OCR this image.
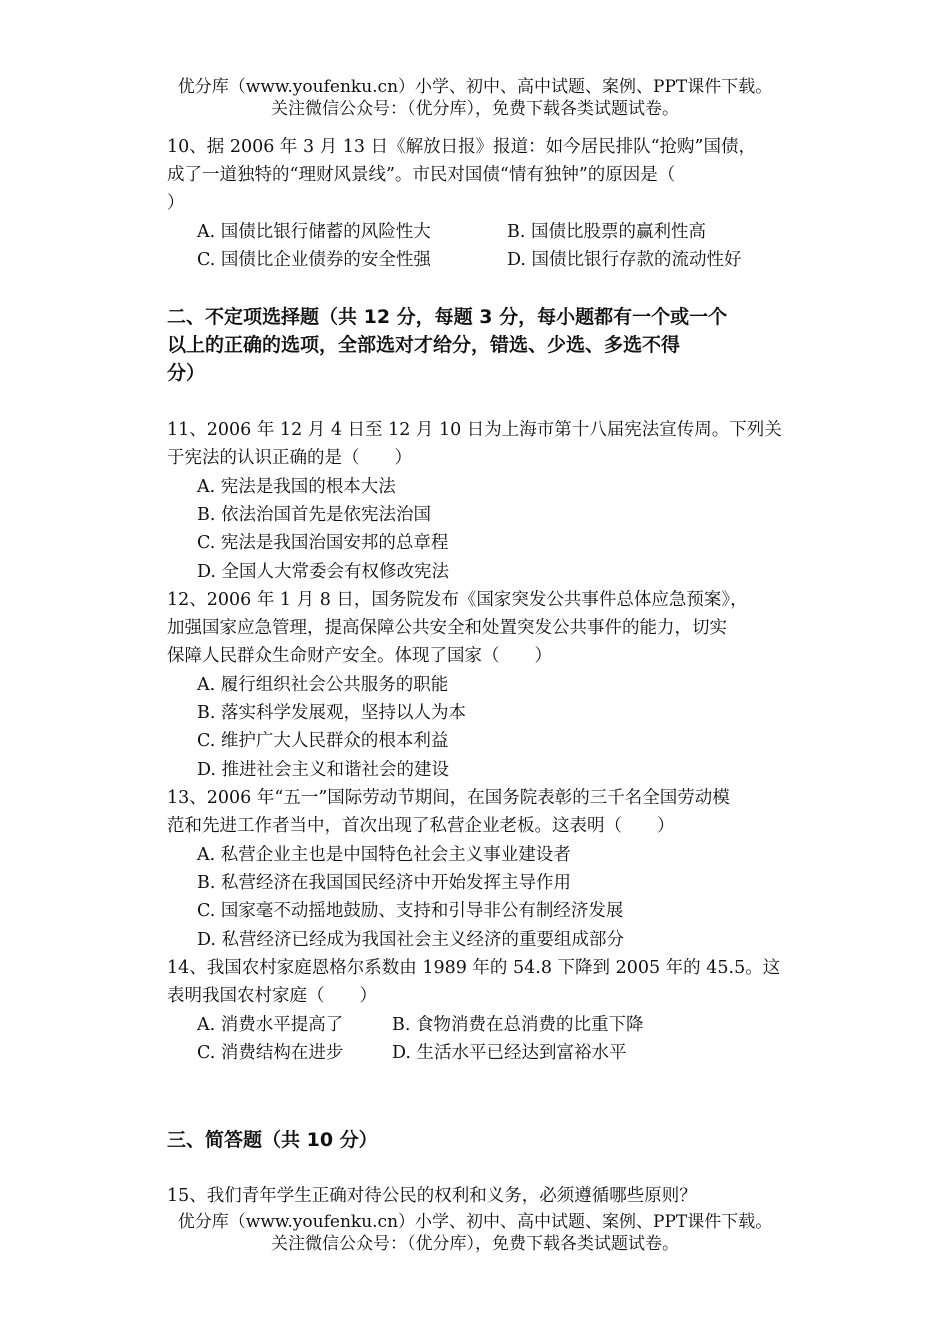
优分库（www.youfenku.cn）小学、初中、高中试题、案例、PPT课件下载。
关注微信公众号：（优分库），免费下载各类试题试卷。
10、据 2006 年 3 月 13 日《解放日报》报道：如今居民排队“抢购”国债，
成了一道独特的“理财风景线”。市民对国债“情有独钟”的原因是（
）
A. 国债比银行储蓄的风险性大	B. 国债比股票的赢利性高
C. 国债比企业债券的安全性强	D. 国债比银行存款的流动性好
二、不定项选择题（共 12 分，每题 3 分，每小题都有一个或一个
以上的正确的选项，全部选对才给分，错选、少选、多选不得
分）
11、2006 年 12 月 4 日至 12 月 10 日为上海市第十八届宪法宣传周。下列关
于宪法的认识正确的是（　　）
A. 宪法是我国的根本大法
B. 依法治国首先是依宪法治国
C. 宪法是我国治国安邦的总章程
D. 全国人大常委会有权修改宪法
12、2006 年 1 月 8 日，国务院发布《国家突发公共事件总体应急预案》，
加强国家应急管理，提高保障公共安全和处置突发公共事件的能力，切实
保障人民群众生命财产安全。体现了国家（　　）
A. 履行组织社会公共服务的职能
B. 落实科学发展观，坚持以人为本
C. 维护广大人民群众的根本利益
D. 推进社会主义和谐社会的建设
13、2006 年“五一”国际劳动节期间，在国务院表彰的三千名全国劳动模
范和先进工作者当中，首次出现了私营企业老板。这表明（　　）
A. 私营企业主也是中国特色社会主义事业建设者
B. 私营经济在我国国民经济中开始发挥主导作用
C. 国家毫不动摇地鼓励、支持和引导非公有制经济发展
D. 私营经济已经成为我国社会主义经济的重要组成部分
14、我国农村家庭恩格尔系数由 1989 年的 54.8 下降到 2005 年的 45.5。这
表明我国农村家庭（　　）
A. 消费水平提高了	B. 食物消费在总消费的比重下降
C. 消费结构在进步	D. 生活水平已经达到富裕水平
三、简答题（共 10 分）
15、我们青年学生正确对待公民的权利和义务，必须遵循哪些原则？
优分库（www.youfenku.cn）小学、初中、高中试题、案例、PPT课件下载。
关注微信公众号：（优分库），免费下载各类试题试卷。
